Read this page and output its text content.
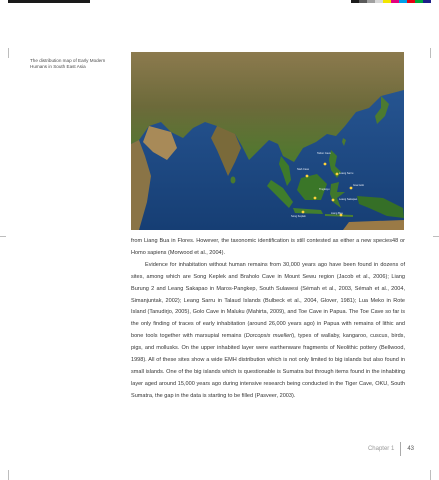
The distribution map of Early Modern Humans in South East Asia
Tabon Cave
Niah Cave
Liang Bua
Song Keplek
Leang Sakapao
Leang Sarru
Goa Golo
Tingkayu

from Liang Bua in Flores. However, the taxonomic identification is still contested as either a new species48 or Homo sapiens (Morwood et al., 2004).

Evidence for inhabitation without human remains from 30,000 years ago have been found in dozens of sites, among which are Song Keplek and Braholo Cave in Mount Sewu region (Jacob et al., 2006); Liang Burung 2 and Leang Sakapao in Maros-Pangkep, South Sulawesi (Sémah et al., 2003, Sémah et al., 2004, Simanjuntak, 2002); Leang Sarru in Talaud Islands (Bulbeck et al., 2004, Glover, 1981); Lua Meko in Rote Island (Tanudirjo, 2005), Golo Cave in Maluku (Mahirta, 2009), and Toe Cave in Papua. The Toe Cave so far is the only finding of traces of early inhabitation (around 26,000 years ago) in Papua with remains of lithic and bone tools together with marsupial remains (Dorcopsis muelleri), types of wallaby, kangaroo, cuscus, birds, pigs, and mollusks. On the upper inhabited layer were earthenware fragments of Neolithic pottery (Bellwood, 1998). All of these sites show a wide EMH distribution which is not only limited to big islands but also found in small islands. One of the big islands which is questionable is Sumatra but through items found in the inhabiting layer aged around 15,000 years ago during intensive research being conducted in the Tiger Cave, OKU, South Sumatra, the gap in the data is starting to be filled (Pasveer, 2003).

Chapter 1 43
